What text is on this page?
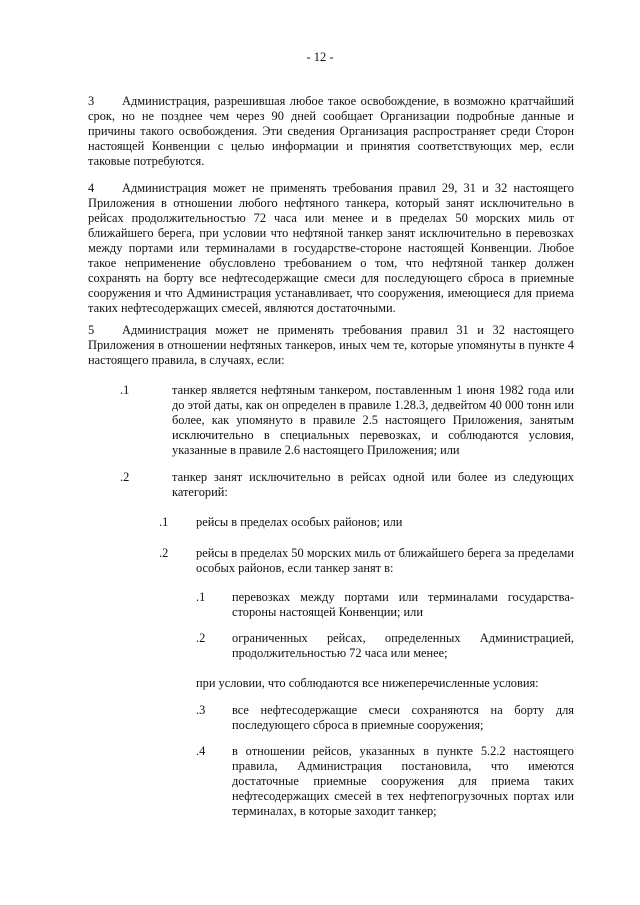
- 12 -
3 Администрация, разрешившая любое такое освобождение, в возможно кратчайший срок, но не позднее чем через 90 дней сообщает Организации подробные данные и причины такого освобождения. Эти сведения Организация распространяет среди Сторон настоящей Конвенции с целью информации и принятия соответствующих мер, если таковые потребуются.
4 Администрация может не применять требования правил 29, 31 и 32 настоящего Приложения в отношении любого нефтяного танкера, который занят исключительно в рейсах продолжительностью 72 часа или менее и в пределах 50 морских миль от ближайшего берега, при условии что нефтяной танкер занят исключительно в перевозках между портами или терминалами в государстве-стороне настоящей Конвенции. Любое такое неприменение обусловлено требованием о том, что нефтяной танкер должен сохранять на борту все нефтесодержащие смеси для последующего сброса в приемные сооружения и что Администрация устанавливает, что сооружения, имеющиеся для приема таких нефтесодержащих смесей, являются достаточными.
5 Администрация может не применять требования правил 31 и 32 настоящего Приложения в отношении нефтяных танкеров, иных чем те, которые упомянуты в пункте 4 настоящего правила, в случаях, если:
.1	танкер является нефтяным танкером, поставленным 1 июня 1982 года или до этой даты, как он определен в правиле 1.28.3, дедвейтом 40 000 тонн или более, как упомянуто в правиле 2.5 настоящего Приложения, занятым исключительно в специальных перевозках, и соблюдаются условия, указанные в правиле 2.6 настоящего Приложения; или
.2	танкер занят исключительно в рейсах одной или более из следующих категорий:
.1 рейсы в пределах особых районов; или
.2 рейсы в пределах 50 морских миль от ближайшего берега за пределами особых районов, если танкер занят в:
.1 перевозках между портами или терминалами государства-стороны настоящей Конвенции; или
.2 ограниченных рейсах, определенных Администрацией, продолжительностью 72 часа или менее;
при условии, что соблюдаются все нижеперечисленные условия:
.3 все нефтесодержащие смеси сохраняются на борту для последующего сброса в приемные сооружения;
.4 в отношении рейсов, указанных в пункте 5.2.2 настоящего правила, Администрация постановила, что имеются достаточные приемные сооружения для приема таких нефтесодержащих смесей в тех нефтепогрузочных портах или терминалах, в которые заходит танкер;
